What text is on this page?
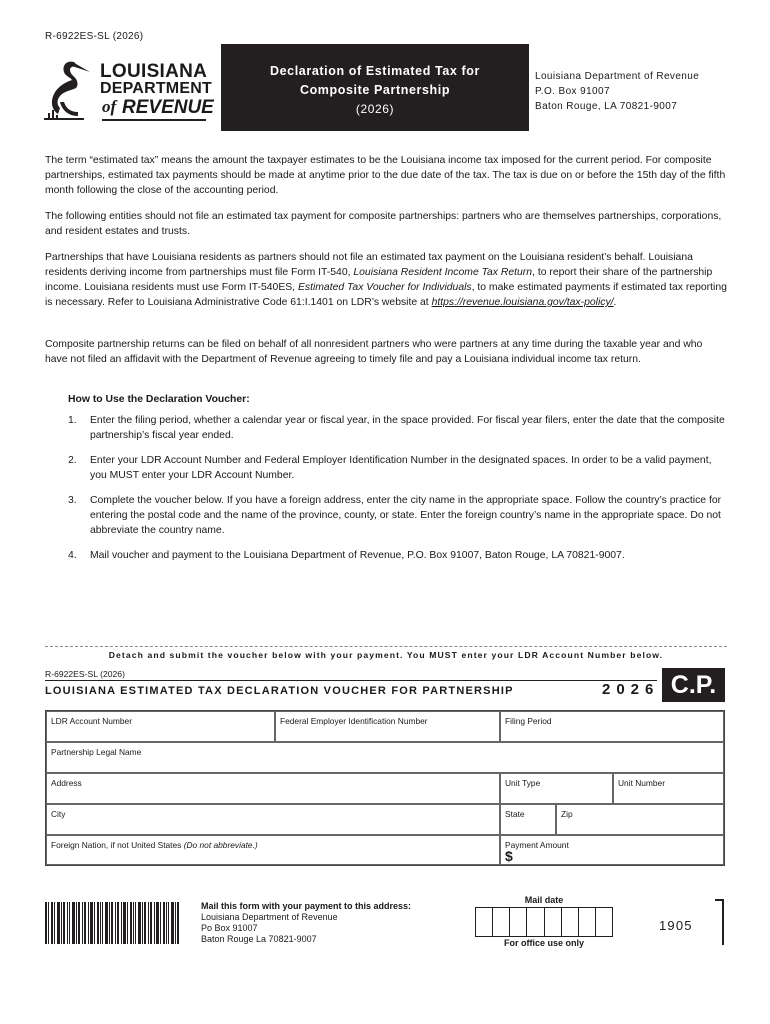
R-6922ES-SL (2026)
LOUISIANA
DEPARTMENT
of REVENUE
Declaration of Estimated Tax for
Composite Partnership
(2026)
Louisiana Department of Revenue
P.O. Box 91007
Baton Rouge, LA 70821-9007
The term “estimated tax” means the amount the taxpayer estimates to be the Louisiana income tax imposed for the current period. For composite partnerships, estimated tax payments should be made at anytime prior to the due date of the tax. The tax is due on or before the 15th day of the fifth month following the close of the accounting period.
The following entities should not file an estimated tax payment for composite partnerships: partners who are themselves partnerships, corporations, and resident estates and trusts.
Partnerships that have Louisiana residents as partners should not file an estimated tax payment on the Louisiana resident’s behalf. Louisiana residents deriving income from partnerships must file Form IT-540, Louisiana Resident Income Tax Return, to report their share of the partnership income. Louisiana residents must use Form IT-540ES, Estimated Tax Voucher for Individuals, to make estimated payments if estimated tax reporting is necessary. Refer to Louisiana Administrative Code 61:I.1401 on LDR’s website at https://revenue.louisiana.gov/tax-policy/.
Composite partnership returns can be filed on behalf of all nonresident partners who were partners at any time during the taxable year and who have not filed an affidavit with the Department of Revenue agreeing to timely file and pay a Louisiana individual income tax return.
How to Use the Declaration Voucher:
1.	Enter the filing period, whether a calendar year or fiscal year, in the space provided. For fiscal year filers, enter the date that the composite partnership’s fiscal year ended.
2.	Enter your LDR Account Number and Federal Employer Identification Number in the designated spaces. In order to be a valid payment, you MUST enter your LDR Account Number.
3.	Complete the voucher below. If you have a foreign address, enter the city name in the appropriate space. Follow the country’s practice for entering the postal code and the name of the province, county, or state. Enter the foreign country’s name in the appropriate space. Do not abbreviate the country name.
4.	Mail voucher and payment to the Louisiana Department of Revenue, P.O. Box 91007, Baton Rouge, LA 70821-9007.
Detach and submit the voucher below with your payment. You MUST enter your LDR Account Number below.
R-6922ES-SL (2026)
LOUISIANA ESTIMATED TAX DECLARATION VOUCHER FOR PARTNERSHIP	2026 C.P.
LDR Account Number	Federal Employer Identification Number	Filing Period
Partnership Legal Name
Address	Unit Type	Unit Number
City	State	Zip
Foreign Nation, if not United States (Do not abbreviate.)	Payment Amount
$
Mail this form with your payment to this address:
Louisiana Department of Revenue
Po Box 91007
Baton Rouge La 70821-9007
Mail date
For office use only
1905
